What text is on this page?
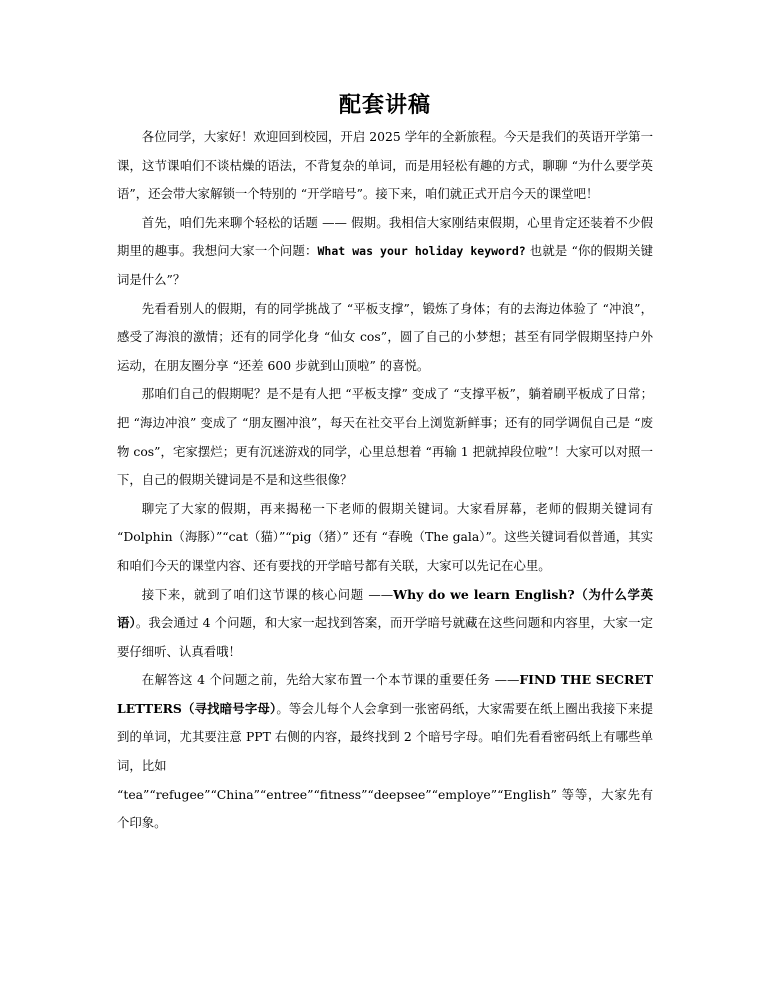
配套讲稿

各位同学，大家好！欢迎回到校园，开启 2025 学年的全新旅程。今天是我们的英语开学第一课，这节课咱们不谈枯燥的语法，不背复杂的单词，而是用轻松有趣的方式，聊聊 “为什么要学英语”，还会带大家解锁一个特别的 “开学暗号”。接下来，咱们就正式开启今天的课堂吧！

首先，咱们先来聊个轻松的话题 —— 假期。我相信大家刚结束假期，心里肯定还装着不少假期里的趣事。我想问大家一个问题：What was your holiday keyword? 也就是 “你的假期关键词是什么”？

先看看别人的假期，有的同学挑战了 “平板支撑”，锻炼了身体；有的去海边体验了 “冲浪”，感受了海浪的激情；还有的同学化身 “仙女 cos”，圆了自己的小梦想；甚至有同学假期坚持户外运动，在朋友圈分享 “还差 600 步就到山顶啦” 的喜悦。

那咱们自己的假期呢？是不是有人把 “平板支撑” 变成了 “支撑平板”，躺着刷平板成了日常；把 “海边冲浪” 变成了 “朋友圈冲浪”，每天在社交平台上浏览新鲜事；还有的同学调侃自己是 “废物 cos”，宅家摆烂；更有沉迷游戏的同学，心里总想着 “再输 1 把就掉段位啦”！大家可以对照一下，自己的假期关键词是不是和这些很像？

聊完了大家的假期，再来揭秘一下老师的假期关键词。大家看屏幕，老师的假期关键词有 “Dolphin（海豚）”“cat（猫）”“pig（猪）” 还有 “春晚（The gala）”。这些关键词看似普通，其实和咱们今天的课堂内容、还有要找的开学暗号都有关联，大家可以先记在心里。

接下来，就到了咱们这节课的核心问题 ——Why do we learn English?（为什么学英语）。我会通过 4 个问题，和大家一起找到答案，而开学暗号就藏在这些问题和内容里，大家一定要仔细听、认真看哦！

在解答这 4 个问题之前，先给大家布置一个本节课的重要任务 ——FIND THE SECRET LETTERS（寻找暗号字母）。等会儿每个人会拿到一张密码纸，大家需要在纸上圈出我接下来提到的单词，尤其要注意 PPT 右侧的内容，最终找到 2 个暗号字母。咱们先看看密码纸上有哪些单词，比如

“tea”“refugee”“China”“entree”“fitness”“deepsee”“employe”“English” 等等，大家先有个印象。
